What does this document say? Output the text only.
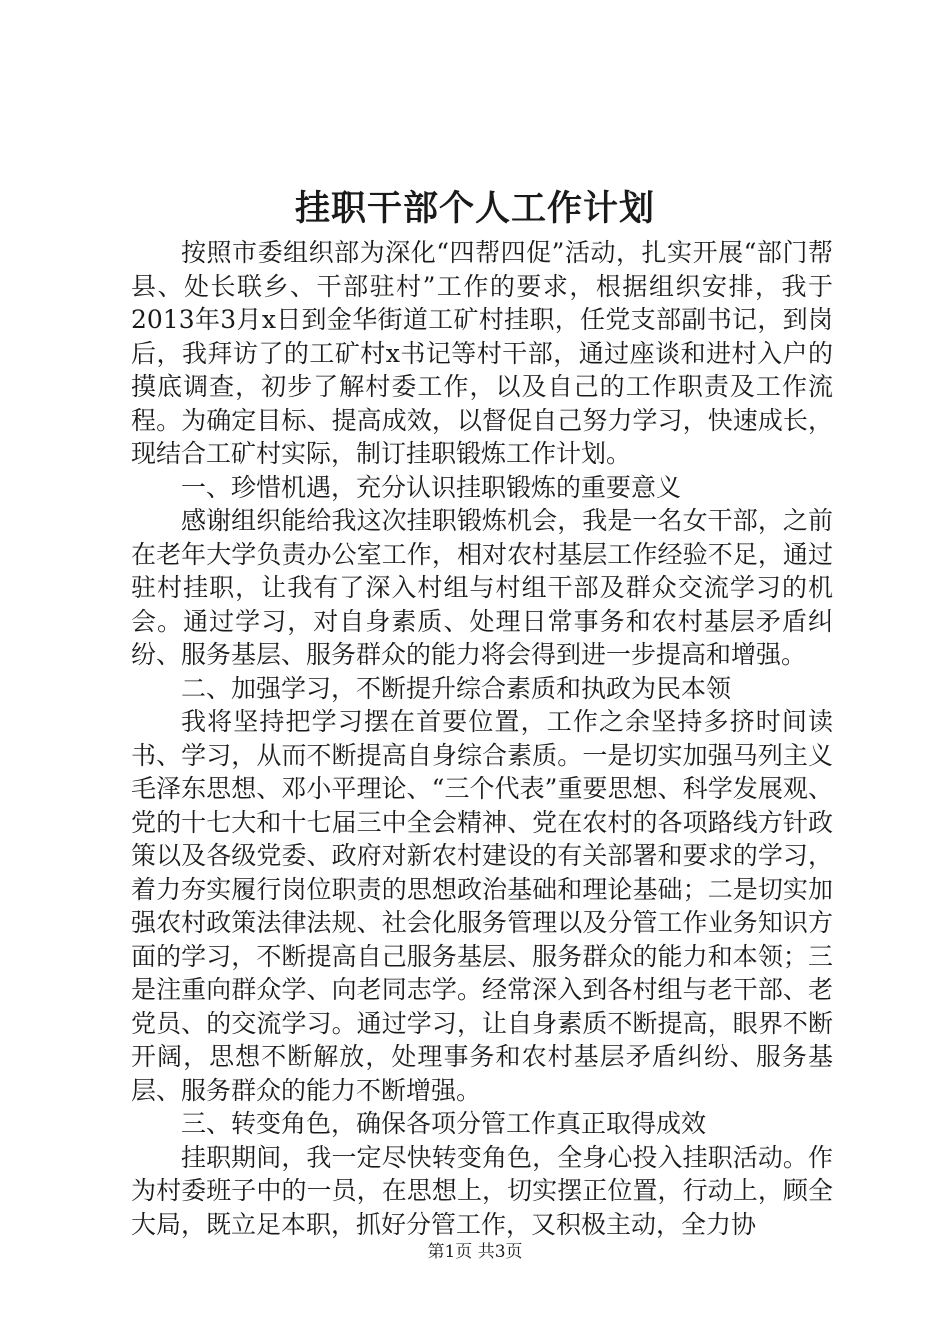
挂职干部个人工作计划

按照市委组织部为深化“四帮四促”活动，扎实开展“部门帮县、处长联乡、干部驻村”工作的要求，根据组织安排，我于2013年3月x日到金华街道工矿村挂职，任党支部副书记，到岗后，我拜访了的工矿村x书记等村干部，通过座谈和进村入户的摸底调查，初步了解村委工作，以及自己的工作职责及工作流程。为确定目标、提高成效，以督促自己努力学习，快速成长，现结合工矿村实际，制订挂职锻炼工作计划。

一、珍惜机遇，充分认识挂职锻炼的重要意义

感谢组织能给我这次挂职锻炼机会，我是一名女干部，之前在老年大学负责办公室工作，相对农村基层工作经验不足，通过驻村挂职，让我有了深入村组与村组干部及群众交流学习的机会。通过学习，对自身素质、处理日常事务和农村基层矛盾纠纷、服务基层、服务群众的能力将会得到进一步提高和增强。

二、加强学习，不断提升综合素质和执政为民本领

我将坚持把学习摆在首要位置，工作之余坚持多挤时间读书、学习，从而不断提高自身综合素质。一是切实加强马列主义毛泽东思想、邓小平理论、“三个代表”重要思想、科学发展观、党的十七大和十七届三中全会精神、党在农村的各项路线方针政策以及各级党委、政府对新农村建设的有关部署和要求的学习，着力夯实履行岗位职责的思想政治基础和理论基础；二是切实加强农村政策法律法规、社会化服务管理以及分管工作业务知识方面的学习，不断提高自己服务基层、服务群众的能力和本领；三是注重向群众学、向老同志学。经常深入到各村组与老干部、老党员、的交流学习。通过学习，让自身素质不断提高，眼界不断开阔，思想不断解放，处理事务和农村基层矛盾纠纷、服务基层、服务群众的能力不断增强。

三、转变角色，确保各项分管工作真正取得成效

挂职期间，我一定尽快转变角色，全身心投入挂职活动。作为村委班子中的一员，在思想上，切实摆正位置，行动上，顾全大局，既立足本职，抓好分管工作，又积极主动，全力协

第1页 共3页
